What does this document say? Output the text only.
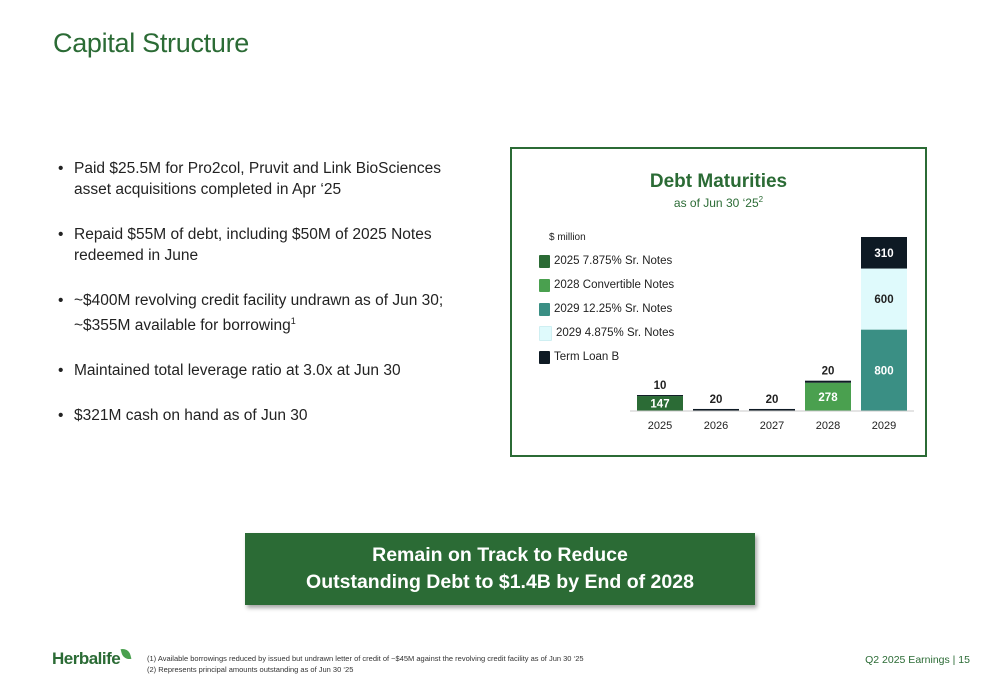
Capital Structure
• Paid $25.5M for Pro2col, Pruvit and Link BioSciences asset acquisitions completed in Apr ‘25
• Repaid $55M of debt, including $50M of 2025 Notes redeemed in June
• ~$400M revolving credit facility undrawn as of Jun 30; ~$355M available for borrowing$^1$
• Maintained total leverage ratio at 3.0x at Jun 30
• $321M cash on hand as of Jun 30
2025	2026	2027	2028	2029
147
10
20	20	278
20	800
600
310
Debt Maturities
as of Jun 30 ‘$25^2$
$ million
2025 7.875% Sr. Notes
2028 Convertible Notes
2029 12.25% Sr. Notes
2029 4.875% Sr. Notes
Term Loan B
Remain on Track to Reduce
Outstanding Debt to $1.4B by End of 2028
Herbalife	(1) Available borrowings reduced by issued but undrawn letter of credit of ~$45M against the revolving credit facility as of Jun 30 ‘25
(2) Represents principal amounts outstanding as of Jun 30 ‘25
Q2 2025 Earnings | 15
